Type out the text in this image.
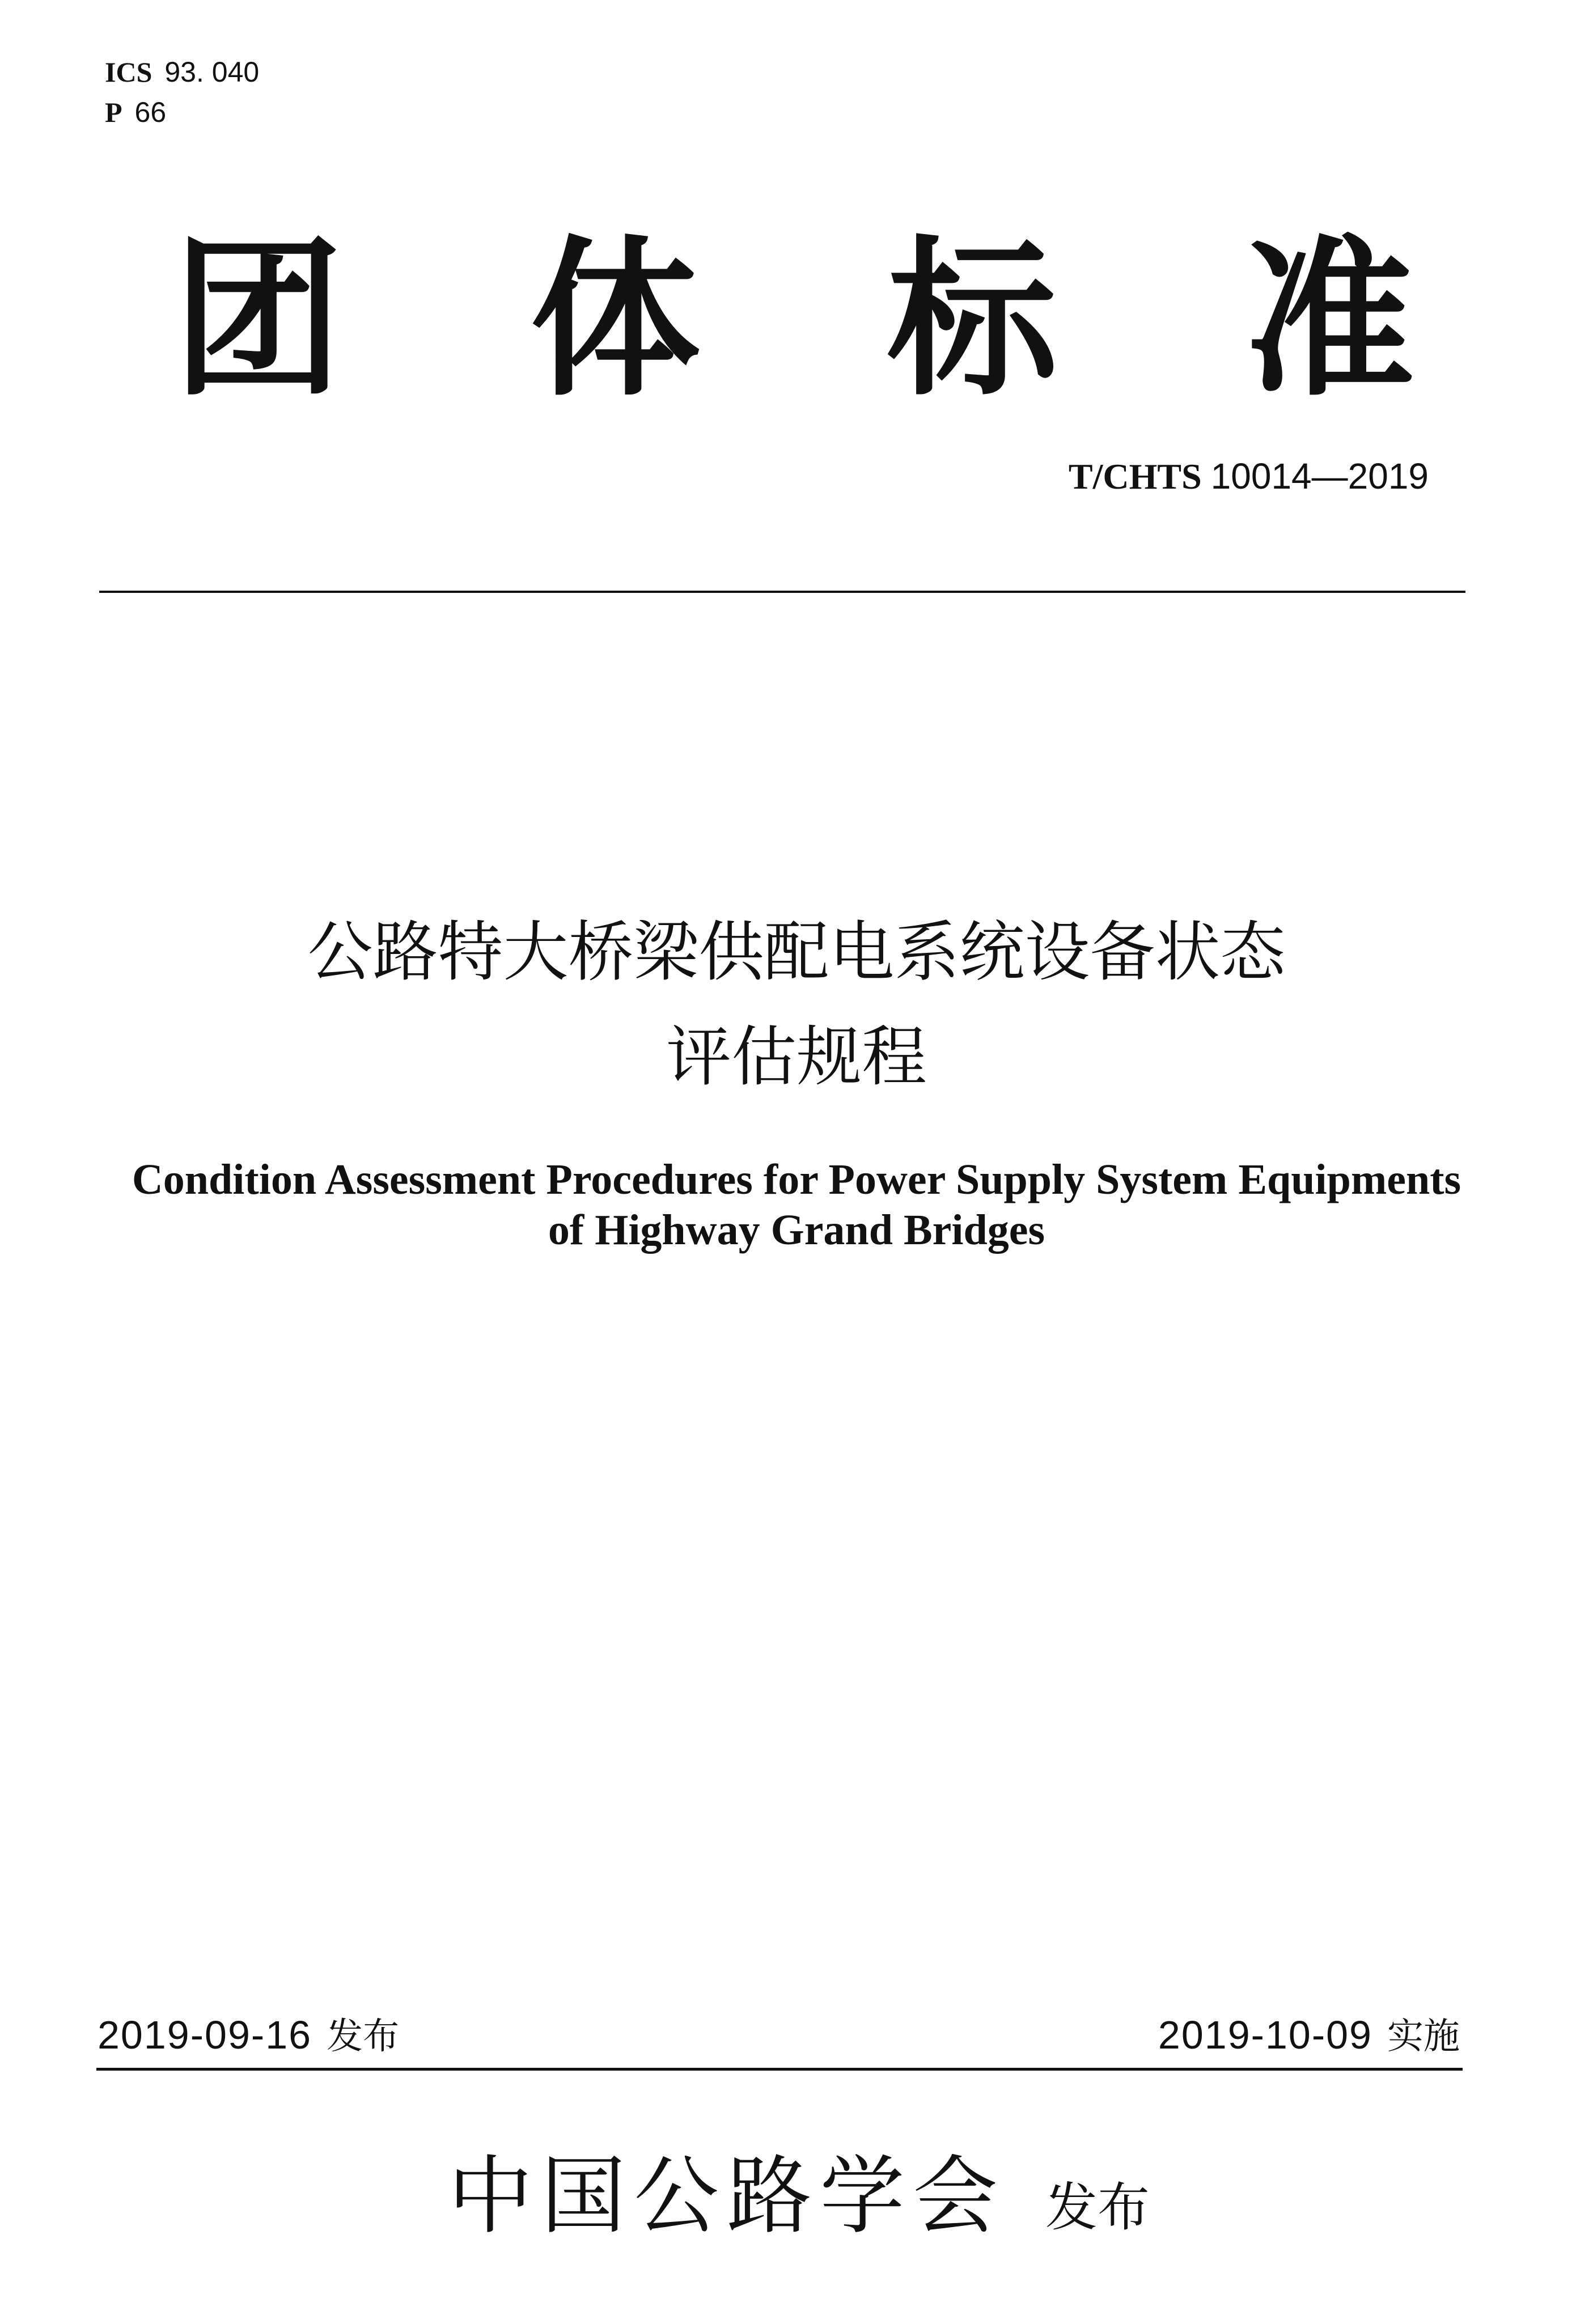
ICS 93. 040
P 66
团 体 标 准
T/CHTS 10014—2019
公路特大桥梁供配电系统设备状态
评估规程
Condition Assessment Procedures for Power Supply System Equipments
of Highway Grand Bridges
2019-09-16 发布	2019-10-09 实施
中国公路学会 发布
